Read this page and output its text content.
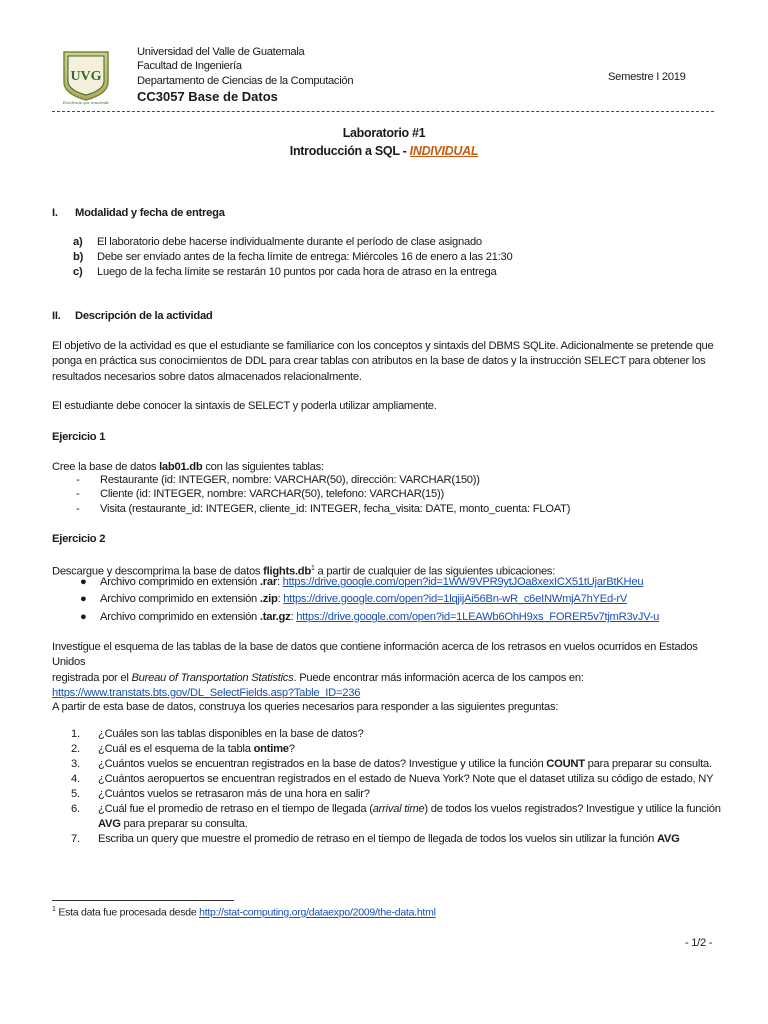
UVG
Excelencia que trasciende
Universidad del Valle de Guatemala
Facultad de Ingeniería
Departamento de Ciencias de la Computación
CC3057 Base de Datos
Semestre I 2019
Laboratorio #1
Introducción a SQL - INDIVIDUAL
I. Modalidad y fecha de entrega
a) El laboratorio debe hacerse individualmente durante el período de clase asignado
b) Debe ser enviado antes de la fecha límite de entrega: Miércoles 16 de enero a las 21:30
c) Luego de la fecha límite se restarán 10 puntos por cada hora de atraso en la entrega
II. Descripción de la actividad
El objetivo de la actividad es que el estudiante se familiarice con los conceptos y sintaxis del DBMS SQLite. Adicionalmente se pretende que
ponga en práctica sus conocimientos de DDL para crear tablas con atributos en la base de datos y la instrucción SELECT para obtener los
resultados necesarios sobre datos almacenados relacionalmente.
El estudiante debe conocer la sintaxis de SELECT y poderla utilizar ampliamente.
Ejercicio 1
Cree la base de datos lab01.db con las siguientes tablas:
- Restaurante (id: INTEGER, nombre: VARCHAR(50), dirección: VARCHAR(150))
- Cliente (id: INTEGER, nombre: VARCHAR(50), telefono: VARCHAR(15))
- Visita (restaurante_id: INTEGER, cliente_id: INTEGER, fecha_visita: DATE, monto_cuenta: FLOAT)
Ejercicio 2
Descargue y descomprima la base de datos $flights.db^1$ a partir de cualquier de las siguientes ubicaciones:
● Archivo comprimido en extensión .rar: https://drive.google.com/open?id=1WW9VPR9ytJOa8xexICX51tUjarBtKHeu
● Archivo comprimido en extensión .zip: https://drive.google.com/open?id=1lqjijAi56Bn-wR_c6eINWmjA7hYEd-rV
● Archivo comprimido en extensión .tar.gz: https://drive.google.com/open?id=1LEAWb6OhH9xs_FORER5v7tjmR3vJV-u
Investigue el esquema de las tablas de la base de datos que contiene información acerca de los retrasos en vuelos ocurridos en Estados Unidos
registrada por el Bureau of Transportation Statistics. Puede encontrar más información acerca de los campos en:
https://www.transtats.bts.gov/DL_SelectFields.asp?Table_ID=236
A partir de esta base de datos, construya los queries necesarios para responder a las siguientes preguntas:
1. ¿Cuáles son las tablas disponibles en la base de datos?
2. ¿Cuál es el esquema de la tabla ontime?
3. ¿Cuántos vuelos se encuentran registrados en la base de datos? Investigue y utilice la función COUNT para preparar su consulta.
4. ¿Cuántos aeropuertos se encuentran registrados en el estado de Nueva York? Note que el dataset utiliza su código de estado, NY
5. ¿Cuántos vuelos se retrasaron más de una hora en salir?
6. ¿Cuál fue el promedio de retraso en el tiempo de llegada (arrival time) de todos los vuelos registrados? Investigue y utilice la función
AVG para preparar su consulta.
7. Escriba un query que muestre el promedio de retraso en el tiempo de llegada de todos los vuelos sin utilizar la función AVG
$^1$ Esta data fue procesada desde http://stat-computing.org/dataexpo/2009/the-data.html
- 1/2 -
